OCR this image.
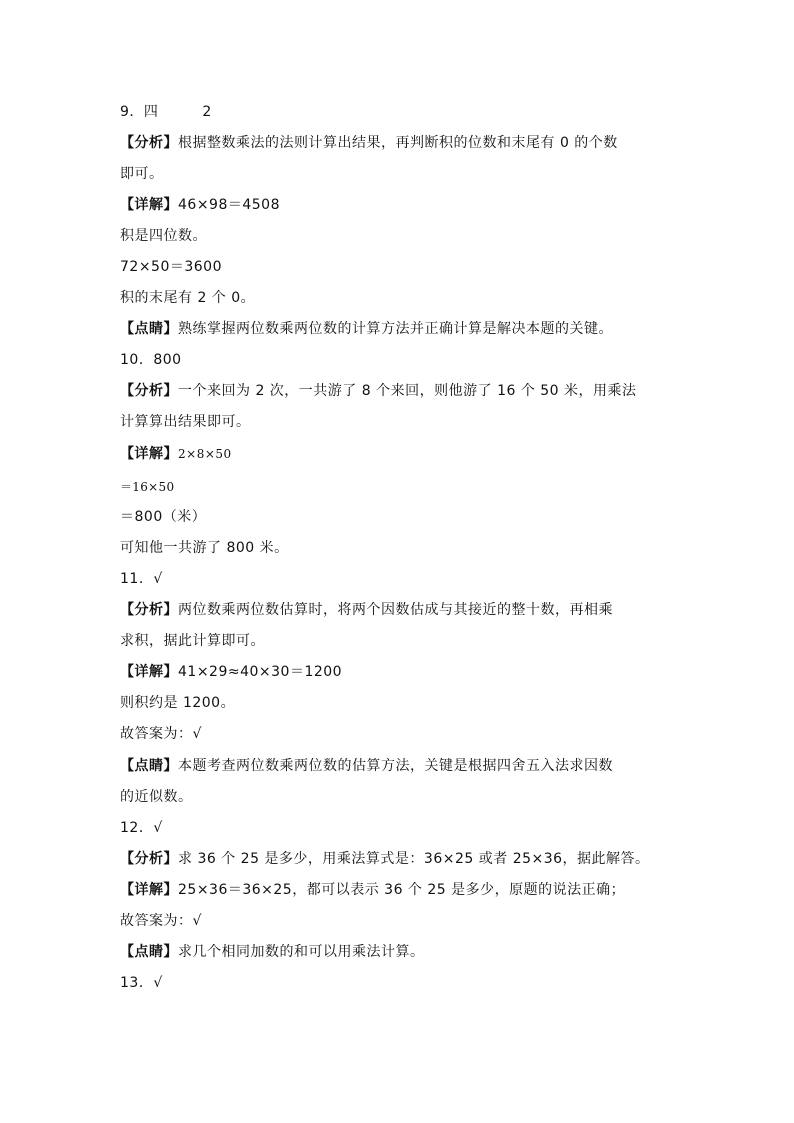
9．四	2
【分析】根据整数乘法的法则计算出结果，再判断积的位数和末尾有 0 的个数
即可。
【详解】46×98＝4508
积是四位数。
72×50＝3600
积的末尾有 2 个 0。
【点睛】熟练掌握两位数乘两位数的计算方法并正确计算是解决本题的关键。
10．800
【分析】一个来回为 2 次，一共游了 8 个来回，则他游了 16 个 50 米，用乘法
计算算出结果即可。
【详解】2×8×50
＝16×50
＝800（米）
可知他一共游了 800 米。
11．√
【分析】两位数乘两位数估算时，将两个因数估成与其接近的整十数，再相乘
求积，据此计算即可。
【详解】41×29≈40×30＝1200
则积约是 1200。
故答案为：√
【点睛】本题考查两位数乘两位数的估算方法，关键是根据四舍五入法求因数
的近似数。
12．√
【分析】求 36 个 25 是多少，用乘法算式是：36×25 或者 25×36，据此解答。
【详解】25×36＝36×25，都可以表示 36 个 25 是多少，原题的说法正确；
故答案为：√
【点睛】求几个相同加数的和可以用乘法计算。
13．√
